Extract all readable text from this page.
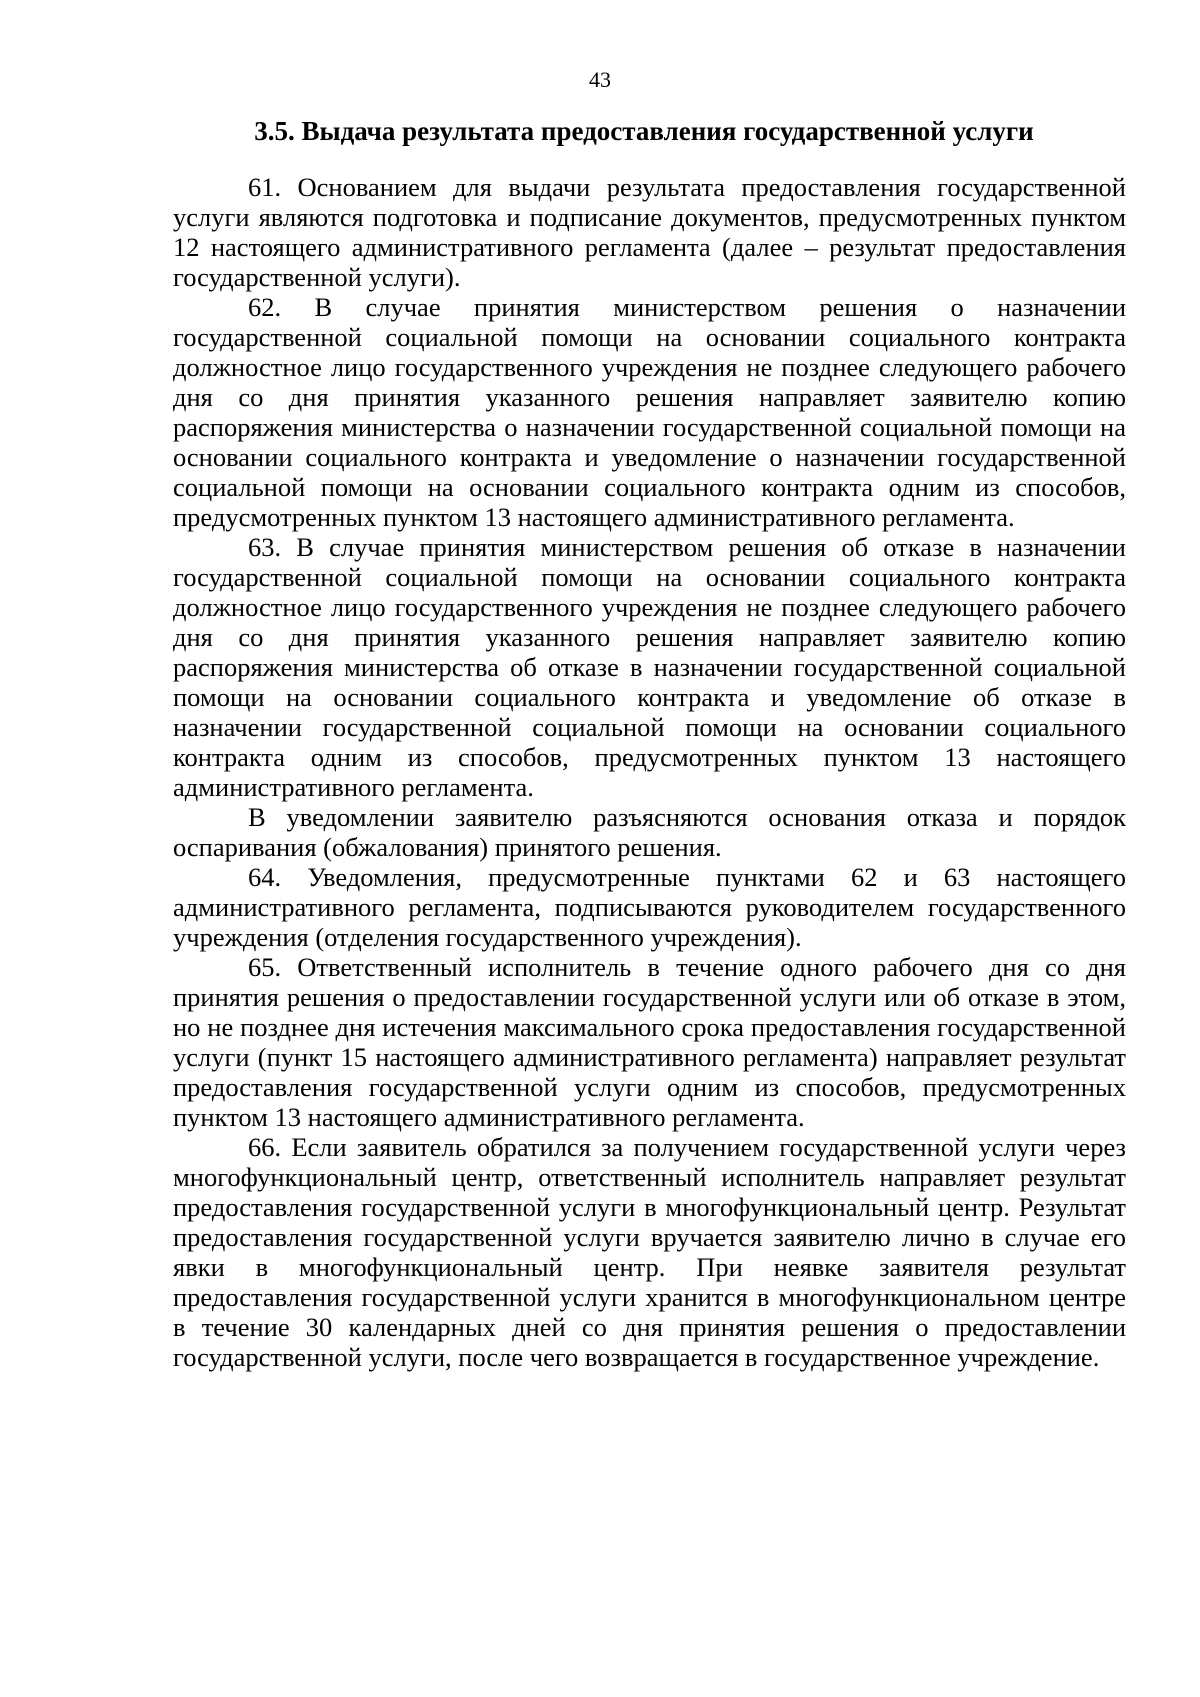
43
3.5. Выдача результата предоставления государственной услуги

61. Основанием для выдачи результата предоставления государственной услуги являются подготовка и подписание документов, предусмотренных пунктом 12 настоящего административного регламента (далее – результат предоставления государственной услуги).

62. В случае принятия министерством решения о назначении государственной социальной помощи на основании социального контракта должностное лицо государственного учреждения не позднее следующего рабочего дня со дня принятия указанного решения направляет заявителю копию распоряжения министерства о назначении государственной социальной помощи на основании социального контракта и уведомление о назначении государственной социальной помощи на основании социального контракта одним из способов, предусмотренных пунктом 13 настоящего административного регламента.

63. В случае принятия министерством решения об отказе в назначении государственной социальной помощи на основании социального контракта должностное лицо государственного учреждения не позднее следующего рабочего дня со дня принятия указанного решения направляет заявителю копию распоряжения министерства об отказе в назначении государственной социальной помощи на основании социального контракта и уведомление об отказе в назначении государственной социальной помощи на основании социального контракта одним из способов, предусмотренных пунктом 13 настоящего административного регламента.

В уведомлении заявителю разъясняются основания отказа и порядок оспаривания (обжалования) принятого решения.

64. Уведомления, предусмотренные пунктами 62 и 63 настоящего административного регламента, подписываются руководителем государственного учреждения (отделения государственного учреждения).

65. Ответственный исполнитель в течение одного рабочего дня со дня принятия решения о предоставлении государственной услуги или об отказе в этом, но не позднее дня истечения максимального срока предоставления государственной услуги (пункт 15 настоящего административного регламента) направляет результат предоставления государственной услуги одним из способов, предусмотренных пунктом 13 настоящего административного регламента.

66. Если заявитель обратился за получением государственной услуги через многофункциональный центр, ответственный исполнитель направляет результат предоставления государственной услуги в многофункциональный центр. Результат предоставления государственной услуги вручается заявителю лично в случае его явки в многофункциональный центр. При неявке заявителя результат предоставления государственной услуги хранится в многофункциональном центре в течение 30 календарных дней со дня принятия решения о предоставлении государственной услуги, после чего возвращается в государственное учреждение.
